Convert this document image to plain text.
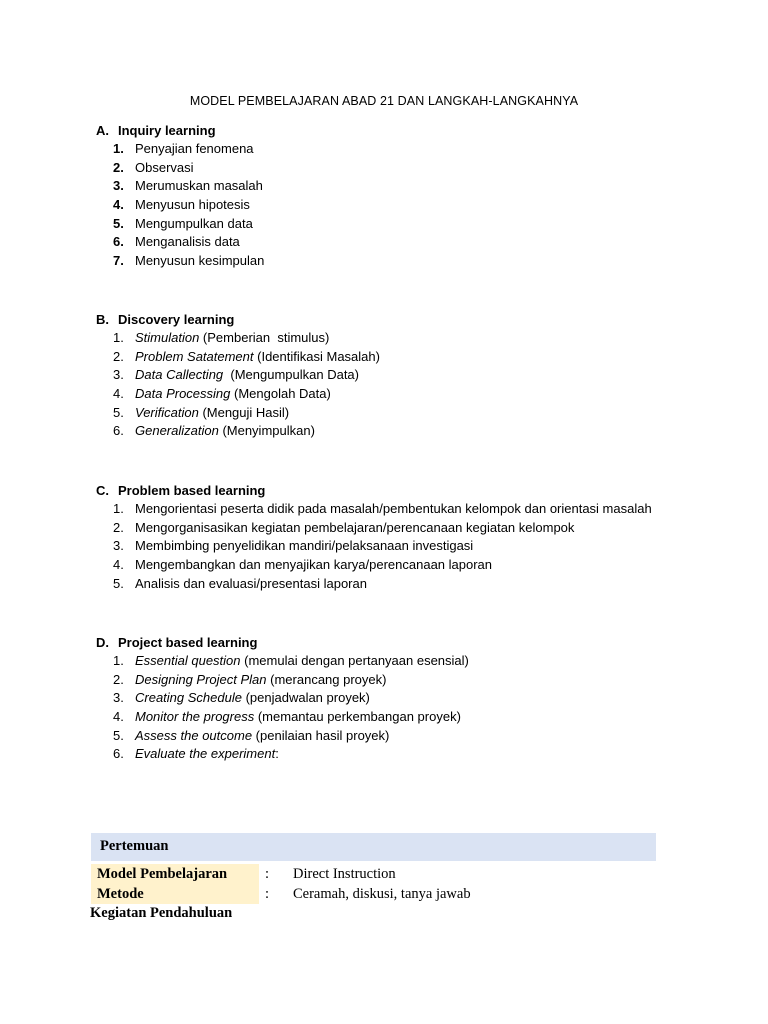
MODEL PEMBELAJARAN ABAD 21 DAN LANGKAH-LANGKAHNYA
A. Inquiry learning
1. Penyajian fenomena
2. Observasi
3. Merumuskan masalah
4. Menyusun hipotesis
5. Mengumpulkan data
6. Menganalisis data
7. Menyusun kesimpulan
B. Discovery learning
1. Stimulation (Pemberian  stimulus)
2. Problem Satatement (Identifikasi Masalah)
3. Data Callecting (Mengumpulkan Data)
4. Data Processing (Mengolah Data)
5. Verification (Menguji Hasil)
6. Generalization (Menyimpulkan)
C. Problem based learning
1. Mengorientasi peserta didik pada masalah/pembentukan kelompok dan orientasi masalah
2. Mengorganisasikan kegiatan pembelajaran/perencanaan kegiatan kelompok
3. Membimbing penyelidikan mandiri/pelaksanaan investigasi
4. Mengembangkan dan menyajikan karya/perencanaan laporan
5. Analisis dan evaluasi/presentasi laporan
D. Project based learning
1. Essential question (memulai dengan pertanyaan esensial)
2. Designing Project Plan (merancang proyek)
3. Creating Schedule (penjadwalan proyek)
4. Monitor the progress (memantau perkembangan proyek)
5. Assess the outcome (penilaian hasil proyek)
6. Evaluate the experiment :
Pertemuan
Model Pembelajaran	: Direct Instruction
Metode	: Ceramah, diskusi, tanya jawab
Kegiatan Pendahuluan
